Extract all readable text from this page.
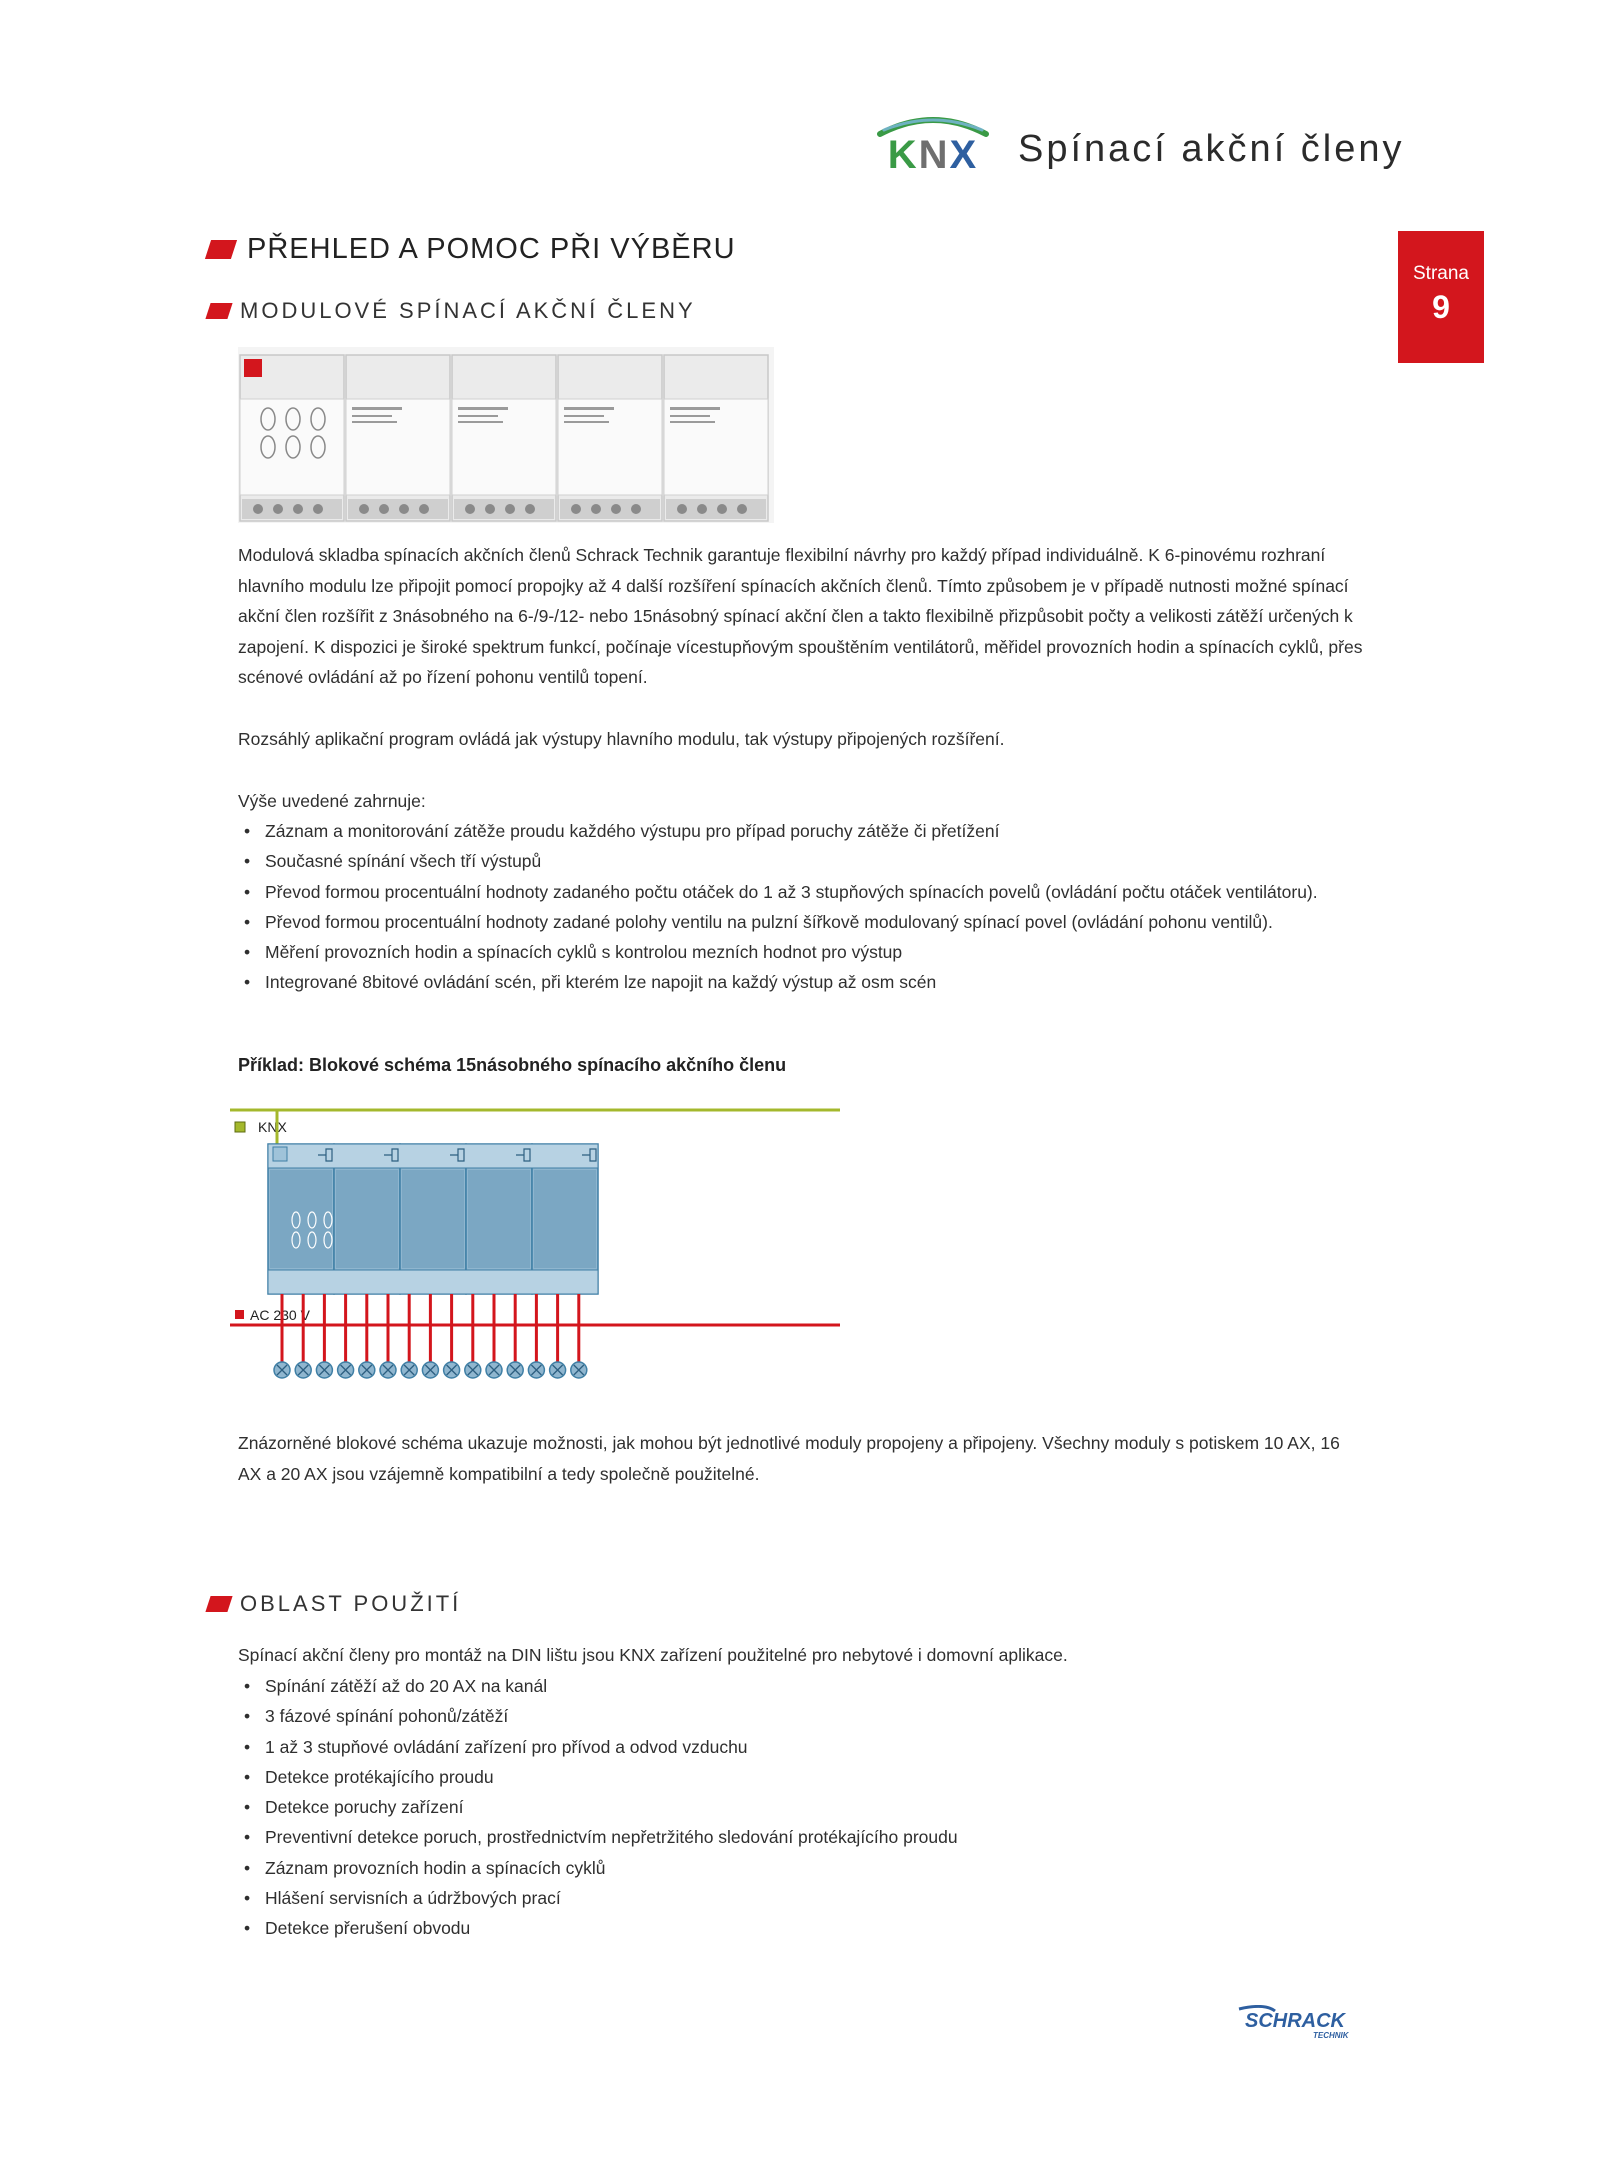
KNX Spínací akční členy
Strana
9
PŘEHLED A POMOC PŘI VÝBĚRU
MODULOVÉ SPÍNACÍ AKČNÍ ČLENY

Modulová skladba spínacích akčních členů Schrack Technik garantuje flexibilní návrhy pro každý případ individuálně. K 6-pinovému rozhraní hlavního modulu lze připojit pomocí propojky až 4 další rozšíření spínacích akčních členů. Tímto způsobem je v případě nutnosti možné spínací akční člen rozšířit z 3násobného na 6-/9-/12- nebo 15násobný spínací akční člen a takto flexibilně přizpůsobit počty a velikosti zátěží určených k zapojení. K dispozici je široké spektrum funkcí, počínaje vícestupňovým spouštěním ventilátorů, měřidel provozních hodin a spínacích cyklů, přes scénové ovládání až po řízení pohonu ventilů topení.

Rozsáhlý aplikační program ovládá jak výstupy hlavního modulu, tak výstupy připojených rozšíření.

Výše uvedené zahrnuje:

• Záznam a monitorování zátěže proudu každého výstupu pro případ poruchy zátěže či přetížení
• Současné spínání všech tří výstupů
• Převod formou procentuální hodnoty zadaného počtu otáček do 1 až 3 stupňových spínacích povelů (ovládání počtu otáček ventilátoru).
• Převod formou procentuální hodnoty zadané polohy ventilu na pulzní šířkově modulovaný spínací povel (ovládání pohonu ventilů).
• Měření provozních hodin a spínacích cyklů s kontrolou mezních hodnot pro výstup
• Integrované 8bitové ovládání scén, při kterém lze napojit na každý výstup až osm scén
Příklad: Blokové schéma 15násobného spínacího akčního členu
KNX
AC 230 V

Znázorněné blokové schéma ukazuje možnosti, jak mohou být jednotlivé moduly propojeny a připojeny. Všechny moduly s potiskem 10 AX, 16 AX a 20 AX jsou vzájemně kompatibilní a tedy společně použitelné.

OBLAST POUŽITÍ

Spínací akční členy pro montáž na DIN lištu jsou KNX zařízení použitelné pro nebytové i domovní aplikace.

• Spínání zátěží až do 20 AX na kanál
• 3 fázové spínání pohonů/zátěží
• 1 až 3 stupňové ovládání zařízení pro přívod a odvod vzduchu
• Detekce protékajícího proudu
• Detekce poruchy zařízení
• Preventivní detekce poruch, prostřednictvím nepřetržitého sledování protékajícího proudu
• Záznam provozních hodin a spínacích cyklů
• Hlášení servisních a údržbových prací
• Detekce přerušení obvodu
SCHRACK
TECHNIK
